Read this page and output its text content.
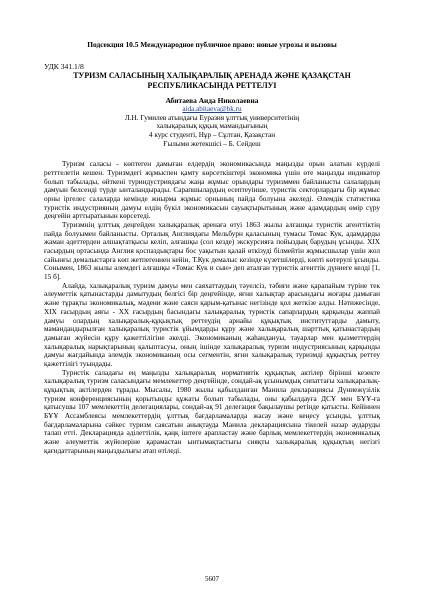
Подсекция 10.5 Международное публичное право: новые угрозы и вызовы
УДК 341.1/8
ТУРИЗМ САЛАСЫНЫҢ ХАЛЫҚАРАЛЫҚ АРЕНАДА ЖӘНЕ ҚАЗАҚСТАН
РЕСПУБЛИКАСЫНДА РЕТТЕЛУІ
Абитаева Аида Николаевна
aida.abitaeva@bk.ru
Л.Н. Гумилев атындағы Еуразия ұлттық университетінің
халықаралық құқық мамандығының
4 курс студенті, Нұр – Сұлтан, Қазақстан
Ғылыми жетекшісі – Б. Сейдеш

Туризм саласы - көптеген дамыған елдердің экономикасында маңызды орын алатын күрделі ретттелетін кешен. Туризмдегі жұмыспен қамту көрсеткіштері экономика үшін өте маңызды индикатор болып табылады, өйткені туриндустриядағы жаңа жұмыс орындары туризммен байланысты салалардың дамуын белсенді түрде ынталандырады. Сарапшылардың есептеуінше, туристік секторлардағы бір жұмыс орны іргелес салаларда кемінде жиырма жұмыс орнының пайда болуына әкеледі. Әлемдік статистика туристік индустрияның дамуы елдің бүкіл экономикасын сауықтырытының және адамдардың өмір сүру деңгейін арттыратынын көрсетеді.

Туризмнің ұлттық деңгейден халықаралық аренаға өтуі 1863 жылы алғашқы туристік агенттіктің пайда болуымен байланысты. Орталық Англиядағы Мельбурн қаласының тумасы Томас Кук, адамдарды жаман әдеттерден алшақтатқысы келіп, алғашқы (сол кезде) экскурсияға пойыздың барудың ұсынды. XIX ғасырдың ортасында Англия қоспаздықтары бос уақытын қалай өткізуді білмейтін жұмысшылар үшін жол сайынғы демалыстарға көп жетпегеннен кейін, Т.Кук демалыс кезінде күзетшілерді, көпті көтерулі ұсынды. Сонымен, 1863 жылы әлемдегі алғашқы «Томас Кук и сын» деп аталған туристік агенттік дүниеге келді [1, 15 б].

Алайда, халықаралық туризм дамуы мен саяхаттаудың тәуелсіз, тәбиғи және қарапайым түріне тек әлеуметтік қатынастарды дамытудың белгісі бір деңгейінде, яғни халықтар арасындағы жоғары дамыған және тұрақты экономикалық, мәдени және саяси қарым-қатынас негізінде қол жеткізе алды. Нәтижесінде, XIX ғасырдың аяғы - XX ғасырдың басындағы халықаралық туристік сапарлардың қарқынды жаппай дамуы олардың халықаралық-құқықтық реттеудің арнайы құқықтық институттарды дамыту, мамандандырылған халықаралық туристік ұйымдарды құру және халықаралық шарттық қатынастардың дамыған жүйесін құру қажеттілігіне әкелді. Экономиканың жаһандануы, тауарлар мен қызметтердің халықаралық нарықтарының қалыптасуы, оның ішінде халықаралық туризм индустриясының қарқынды дамуы жағдайында әлемдік экономиканың осы сегментін, яғни халықаралық туризмді құқықтық реттеу қажеттілігі туындады.

Туристік саладағы ең маңызды халықаралық нормативтік құқықтық актілер бірінші кезекте халықаралық туризм саласындағы мемлекеттер деңгейінде, сондай-ақ ұсынымдық сипаттағы халықаралық-құқықтық актілерден тұрады. Мысалы, 1980 жылы қабылданған Манила декларациясы Дүниежүзілік туризм конференциясының қорытынды құжаты болып табылады, оны қабылдауға ДСҰ мен БҰҰ-ға қатысушы 107 мемлекеттің делегациялары, сондай-ақ 91 делегация бақылаушы ретінде қатысты. Кейіннен БҰҰ Ассамблеясы мемлекеттердің ұлттық бағдарламаларда жасау және кеңесу ұсынды, ұлттық бағдарламаларына сәйкес туризм саясатын анықтауда Манила декларациясына тікелей назар аударуды талап етті. Декларацияда әділеттілік, қаңқ іштеге арапластау және барлық мемлекеттердің экономикалық және әлеуметтік жүйелеріне қарамастан ынтымақтастығы сияқты халықаралық құқықтың негізгі қағидаттарының маңыздылығы атап өтіледі.

5607
